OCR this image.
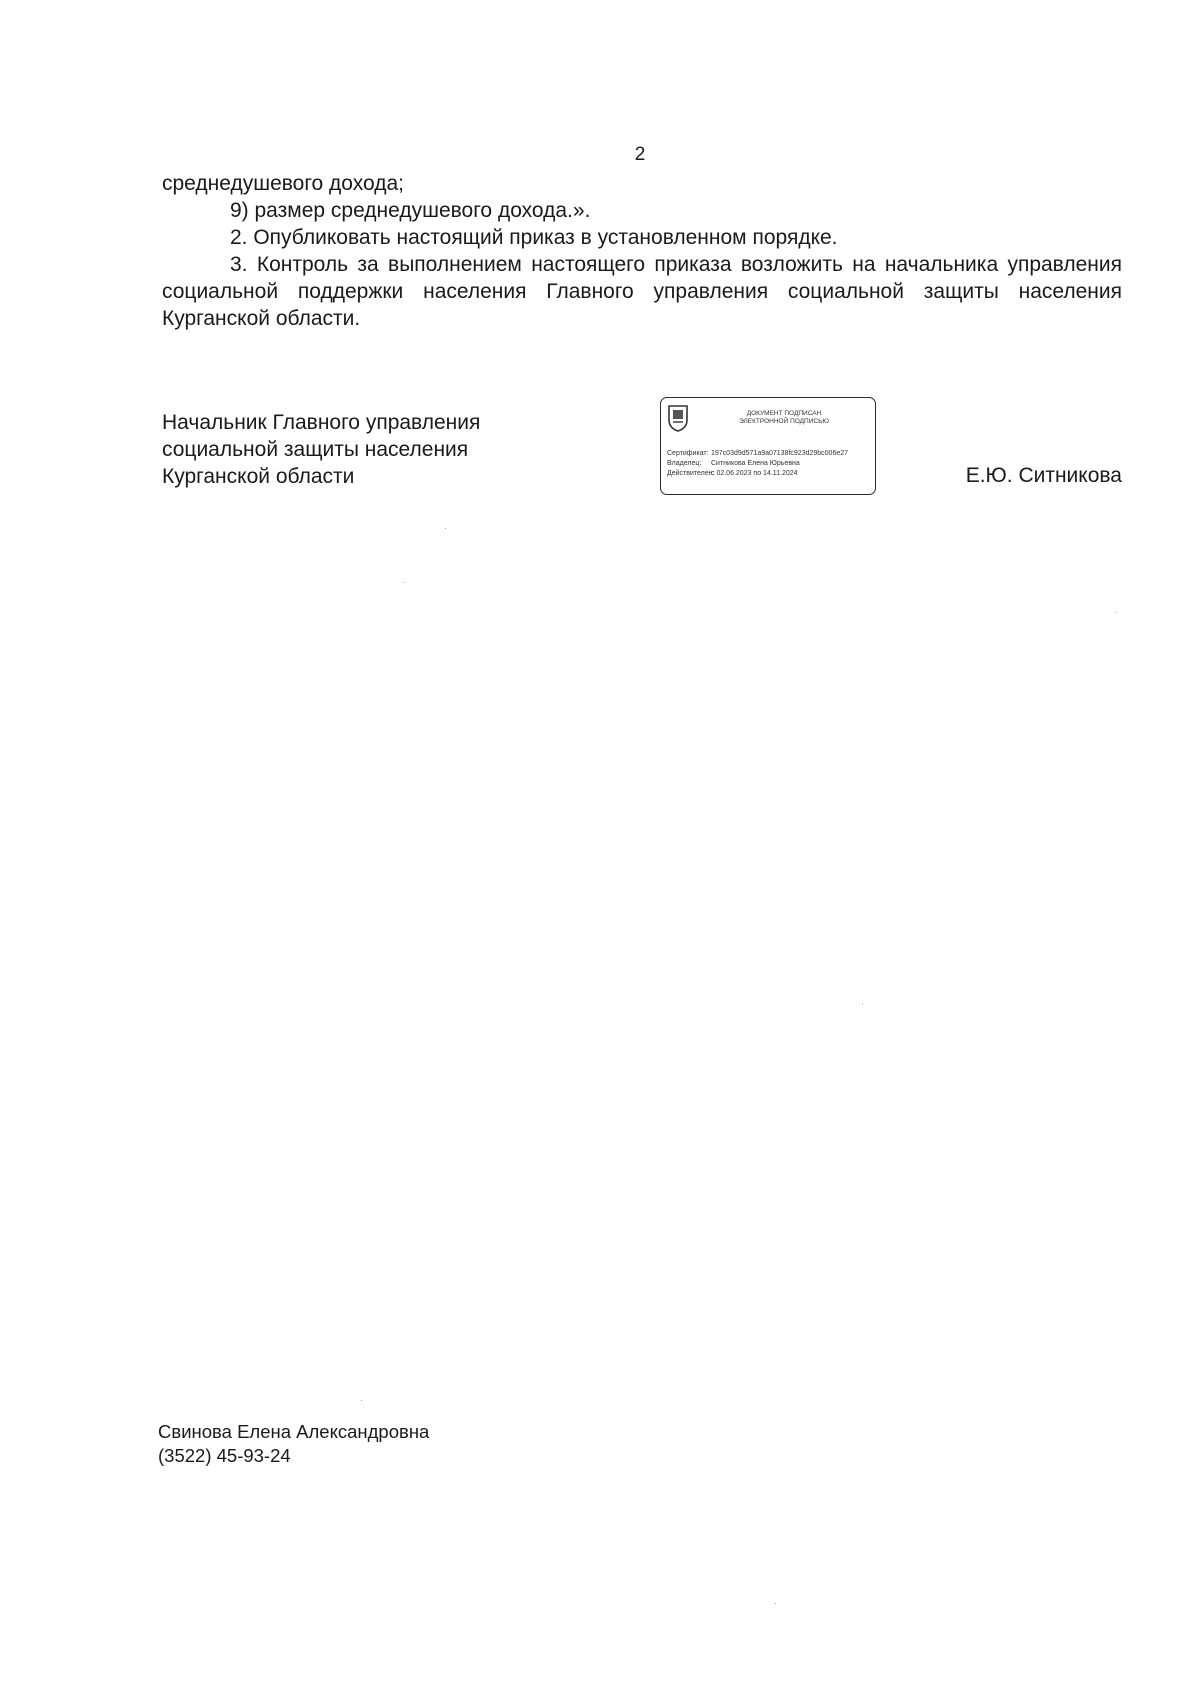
2

среднедушевого дохода;

9) размер среднедушевого дохода.».

2. Опубликовать настоящий приказ в установленном порядке.

3. Контроль за выполнением настоящего приказа возложить на начальника управления социальной поддержки населения Главного управления социальной защиты населения Курганской области.

Начальник Главного управления
социальной защиты населения
Курганской области
ДОКУМЕНТ ПОДПИСАН
ЭЛЕКТРОННОЙ ПОДПИСЬЮ
Сертификат: 197c03d9d571a9a07138fc923d29bc006e27
Владелец: Ситникова Елена Юрьевна
Действителен:с 02.06.2023 по 14.11.2024	Е.Ю. Ситникова
Свинова Елена Александровна
(3522) 45-93-24
